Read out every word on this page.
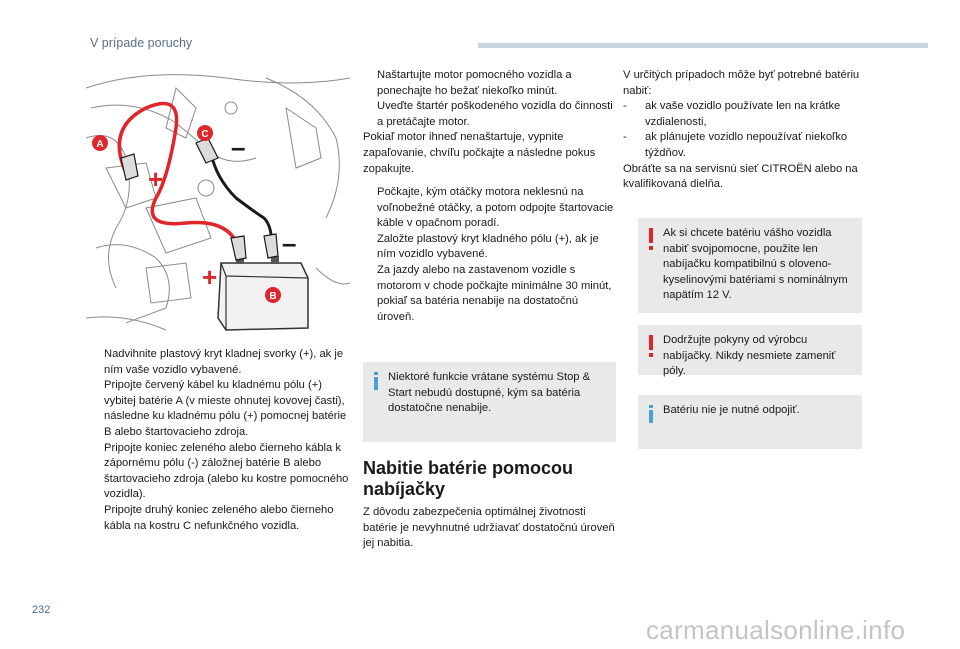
V prípade poruchy
+
+
–
–
A
B
C
Nadvihnite plastový kryt kladnej svorky (+), ak je ním vaše vozidlo vybavené.
Pripojte červený kábel ku kladnému pólu (+) vybitej batérie A (v mieste ohnutej kovovej časti), následne ku kladnému pólu (+) pomocnej batérie B alebo štartovacieho zdroja.
Pripojte koniec zeleného alebo čierneho kábla k zápornému pólu (-) záložnej batérie B alebo štartovacieho zdroja (alebo ku kostre pomocného vozidla).
Pripojte druhý koniec zeleného alebo čierneho kábla na kostru C nefunkčného vozidla.
Naštartujte motor pomocného vozidla a ponechajte ho bežať niekoľko minút.
Uveďte štartér poškodeného vozidla do činnosti a pretáčajte motor.

Pokiaľ motor ihneď nenaštartuje, vypnite zapaľovanie, chvíľu počkajte a následne pokus zopakujte.

Počkajte, kým otáčky motora neklesnú na voľnobežné otáčky, a potom odpojte štartovacie káble v opačnom poradí.
Založte plastový kryt kladného pólu (+), ak je ním vozidlo vybavené.
Za jazdy alebo na zastavenom vozidle s motorom v chode počkajte minimálne 30 minút, pokiaľ sa batéria nenabije na dostatočnú úroveň.
Niektoré funkcie vrátane systému Stop & Start nebudú dostupné, kým sa batéria dostatočne nenabije.
Nabitie batérie pomocou nabíjačky
Z dôvodu zabezpečenia optimálnej životnosti batérie je nevyhnutné udržiavať dostatočnú úroveň jej nabitia.

V určitých prípadoch môže byť potrebné batériu nabiť:

- ak vaše vozidlo používate len na krátke vzdialenosti,
- ak plánujete vozidlo nepoužívať niekoľko týždňov.

Obráťte sa na servisnú sieť CITROËN alebo na kvalifikovaná dielňa.

Ak si chcete batériu vášho vozidla nabiť svojpomocne, použite len nabíjačku kompatibilnú s oloveno-kyselinovými batériami s nominálnym napätím 12 V.
Dodržujte pokyny od výrobcu nabíjačky. Nikdy nesmiete zameniť póly.
Batériu nie je nutné odpojiť.
232
carmanualsonline.info
